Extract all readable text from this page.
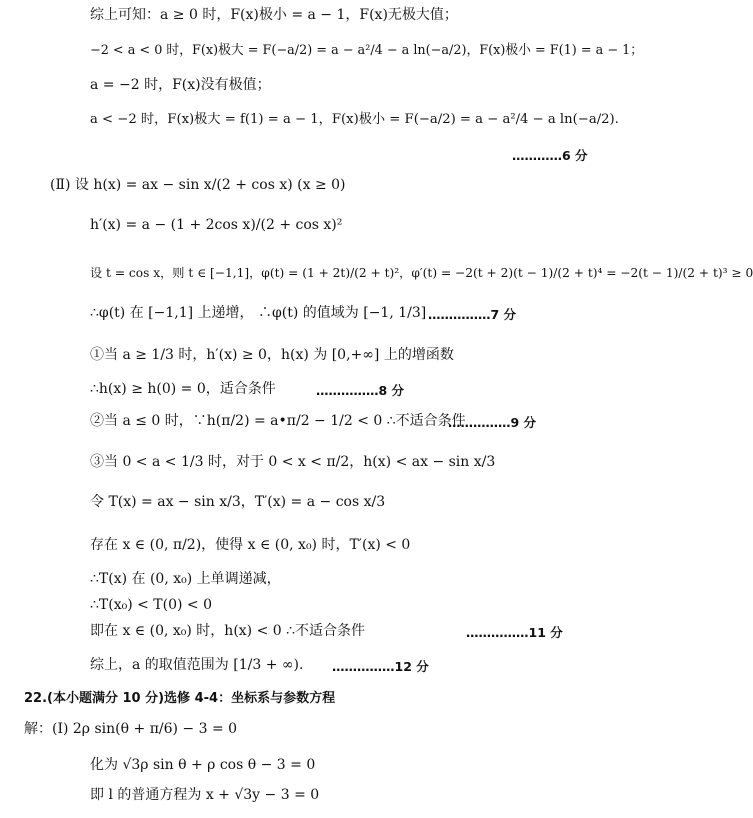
综上可知：a ≥ 0 时，F(x)极小 = a − 1，F(x)无极大值；
−2 < a < 0 时，F(x)极大 = F(−a/2) = a − a²/4 − a ln(−a/2)，F(x)极小 = F(1) = a − 1；
a = −2 时，F(x)没有极值；
a < −2 时，F(x)极大 = f(1) = a − 1，F(x)极小 = F(−a/2) = a − a²/4 − a ln(−a/2).
…………6 分
(Ⅱ) 设 h(x) = ax − sin x/(2 + cos x) (x ≥ 0)
h′(x) = a − (1 + 2cos x)/(2 + cos x)²
设 t = cos x，则 t ∈ [−1,1]，φ(t) = (1 + 2t)/(2 + t)²，φ′(t) = −2(t + 2)(t − 1)/(2 + t)⁴ = −2(t − 1)/(2 + t)³ ≥ 0
∴φ(t) 在 [−1,1] 上递增， ∴φ(t) 的值域为 [−1, 1/3] ……………7 分
①当 a ≥ 1/3 时，h′(x) ≥ 0，h(x) 为 [0,+∞] 上的增函数
∴h(x) ≥ h(0) = 0，适合条件	……………8 分
②当 a ≤ 0 时，∵h(π/2) = a•π/2 − 1/2 < 0 ∴不适合条件
……………9 分
③当 0 < a < 1/3 时，对于 0 < x < π/2，h(x) < ax − sin x/3
令 T(x) = ax − sin x/3，T′(x) = a − cos x/3
存在 x ∈ (0, π/2)，使得 x ∈ (0, x₀) 时，T′(x) < 0
∴T(x) 在 (0, x₀) 上单调递减，
∴T(x₀) < T(0) < 0
即在 x ∈ (0, x₀) 时，h(x) < 0 ∴不适合条件	……………11 分
综上，a 的取值范围为 [1/3 + ∞). ……………12 分
22.(本小题满分 10 分)选修 4-4：坐标系与参数方程
解：(Ⅰ) 2ρ sin(θ + π/6) − 3 = 0
化为 √3ρ sin θ + ρ cos θ − 3 = 0
即 l 的普通方程为 x + √3y − 3 = 0
